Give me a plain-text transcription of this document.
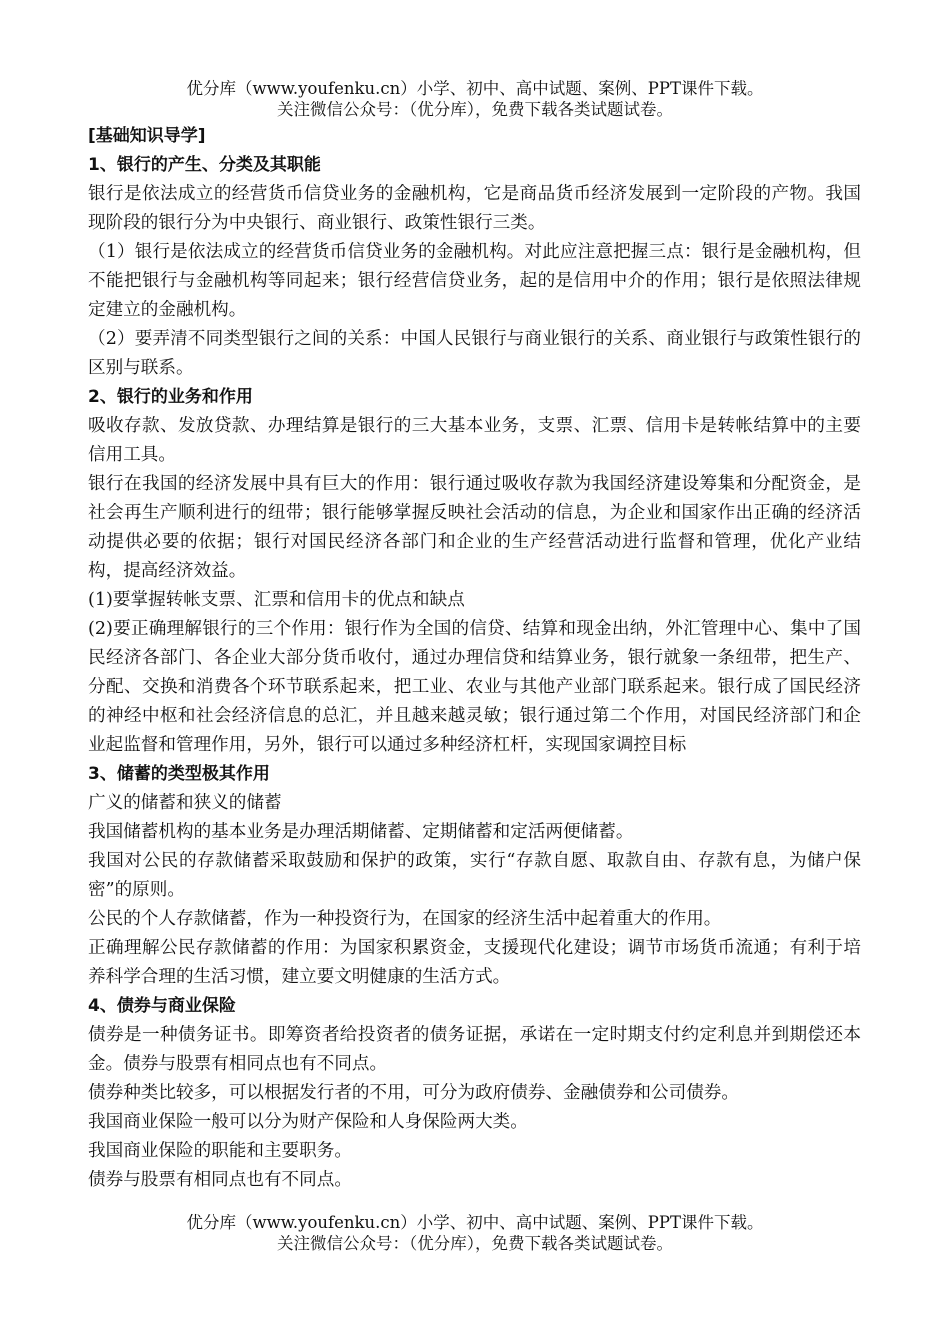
优分库（www.youfenku.cn）小学、初中、高中试题、案例、PPT课件下载。
关注微信公众号：（优分库），免费下载各类试题试卷。

[基础知识导学]

1、银行的产生、分类及其职能

银行是依法成立的经营货币信贷业务的金融机构，它是商品货币经济发展到一定阶段的产物。我国现阶段的银行分为中央银行、商业银行、政策性银行三类。

（1）银行是依法成立的经营货币信贷业务的金融机构。对此应注意把握三点：银行是金融机构，但不能把银行与金融机构等同起来；银行经营信贷业务，起的是信用中介的作用；银行是依照法律规定建立的金融机构。

（2）要弄清不同类型银行之间的关系：中国人民银行与商业银行的关系、商业银行与政策性银行的区别与联系。

2、银行的业务和作用

吸收存款、发放贷款、办理结算是银行的三大基本业务，支票、汇票、信用卡是转帐结算中的主要信用工具。

银行在我国的经济发展中具有巨大的作用：银行通过吸收存款为我国经济建设筹集和分配资金，是社会再生产顺利进行的纽带；银行能够掌握反映社会活动的信息，为企业和国家作出正确的经济活动提供必要的依据；银行对国民经济各部门和企业的生产经营活动进行监督和管理，优化产业结构，提高经济效益。

(1)要掌握转帐支票、汇票和信用卡的优点和缺点

(2)要正确理解银行的三个作用：银行作为全国的信贷、结算和现金出纳，外汇管理中心、集中了国民经济各部门、各企业大部分货币收付，通过办理信贷和结算业务，银行就象一条纽带，把生产、分配、交换和消费各个环节联系起来，把工业、农业与其他产业部门联系起来。银行成了国民经济的神经中枢和社会经济信息的总汇，并且越来越灵敏；银行通过第二个作用，对国民经济部门和企业起监督和管理作用，另外，银行可以通过多种经济杠杆，实现国家调控目标

3、储蓄的类型极其作用

广义的储蓄和狭义的储蓄

我国储蓄机构的基本业务是办理活期储蓄、定期储蓄和定活两便储蓄。

我国对公民的存款储蓄采取鼓励和保护的政策，实行“存款自愿、取款自由、存款有息，为储户保密”的原则。

公民的个人存款储蓄，作为一种投资行为，在国家的经济生活中起着重大的作用。

正确理解公民存款储蓄的作用：为国家积累资金，支援现代化建设；调节市场货币流通；有利于培养科学合理的生活习惯，建立要文明健康的生活方式。

4、债券与商业保险

债券是一种债务证书。即筹资者给投资者的债务证据，承诺在一定时期支付约定利息并到期偿还本金。债券与股票有相同点也有不同点。

债券种类比较多，可以根据发行者的不用，可分为政府债券、金融债券和公司债券。

我国商业保险一般可以分为财产保险和人身保险两大类。

我国商业保险的职能和主要职务。

债券与股票有相同点也有不同点。

优分库（www.youfenku.cn）小学、初中、高中试题、案例、PPT课件下载。
关注微信公众号：（优分库），免费下载各类试题试卷。
